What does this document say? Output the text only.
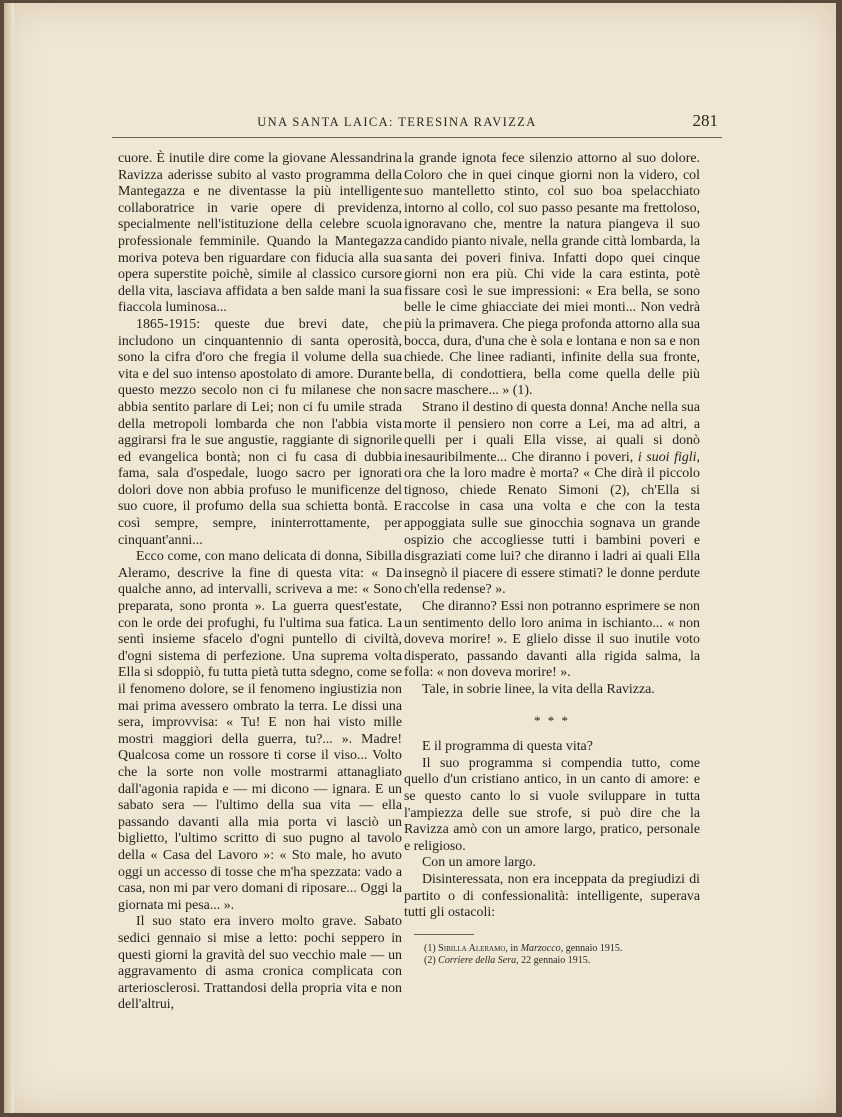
UNA SANTA LAICA: TERESINA RAVIZZA	281

cuore. È inutile dire come la giovane Alessandrina Ravizza aderisse subito al vasto programma della Mantegazza e ne diventasse la più intelligente collaboratrice in varie opere di previdenza, specialmente nell'istituzione della celebre scuola professionale femminile. Quando la Mantegazza moriva poteva ben riguardare con fiducia alla sua opera superstite poichè, simile al classico cursore della vita, lasciava affidata a ben salde mani la sua fiaccola luminosa...

1865-1915: queste due brevi date, che includono un cinquantennio di santa operosità, sono la cifra d'oro che fregia il volume della sua vita e del suo intenso apostolato di amore. Durante questo mezzo secolo non ci fu milanese che non abbia sentito parlare di Lei; non ci fu umile strada della metropoli lombarda che non l'abbia vista aggirarsi fra le sue angustie, raggiante di signorile ed evangelica bontà; non ci fu casa di dubbia fama, sala d'ospedale, luogo sacro per ignorati dolori dove non abbia profuso le munificenze del suo cuore, il profumo della sua schietta bontà. E così sempre, sempre, ininterrottamente, per cinquant'anni...

Ecco come, con mano delicata di donna, Sibilla Aleramo, descrive la fine di questa vita: « Da qualche anno, ad intervalli, scriveva a me: « Sono preparata, sono pronta ». La guerra quest'estate, con le orde dei profughi, fu l'ultima sua fatica. La sentì insieme sfacelo d'ogni puntello di civiltà, d'ogni sistema di perfezione. Una suprema volta Ella si sdoppiò, fu tutta pietà tutta sdegno, come se il fenomeno dolore, se il fenomeno ingiustizia non mai prima avessero ombrato la terra. Le dissi una sera, improvvisa: « Tu! E non hai visto mille mostri maggiori della guerra, tu?... ». Madre! Qualcosa come un rossore ti corse il viso... Volto che la sorte non volle mostrarmi attanagliato dall'agonia rapida e — mi dicono — ignara. E un sabato sera — l'ultimo della sua vita — ella passando davanti alla mia porta vi lasciò un biglietto, l'ultimo scritto di suo pugno al tavolo della « Casa del Lavoro »: « Sto male, ho avuto oggi un accesso di tosse che m'ha spezzata: vado a casa, non mi par vero domani di riposare... Oggi la giornata mi pesa... ».

Il suo stato era invero molto grave. Sabato sedici gennaio si mise a letto: pochi seppero in questi giorni la gravità del suo vecchio male — un aggravamento di asma cronica complicata con arteriosclerosi. Trattandosi della propria vita e non dell'altrui,

la grande ignota fece silenzio attorno al suo dolore. Coloro che in quei cinque giorni non la videro, col suo mantelletto stinto, col suo boa spelacchiato intorno al collo, col suo passo pesante ma frettoloso, ignoravano che, mentre la natura piangeva il suo candido pianto nivale, nella grande città lombarda, la santa dei poveri finiva. Infatti dopo quei cinque giorni non era più. Chi vide la cara estinta, potè fissare così le sue impressioni: « Era bella, se sono belle le cime ghiacciate dei miei monti... Non vedrà più la primavera. Che piega profonda attorno alla sua bocca, dura, d'una che è sola e lontana e non sa e non chiede. Che linee radianti, infinite della sua fronte, bella, di condottiera, bella come quella delle più sacre maschere... » (1).

Strano il destino di questa donna! Anche nella sua morte il pensiero non corre a Lei, ma ad altri, a quelli per i quali Ella visse, ai quali si donò inesauribilmente... Che diranno i poveri, i suoi figli, ora che la loro madre è morta? « Che dirà il piccolo tignoso, chiede Renato Simoni (2), ch'Ella si raccolse in casa una volta e che con la testa appoggiata sulle sue ginocchia sognava un grande ospizio che accogliesse tutti i bambini poveri e disgraziati come lui? che diranno i ladri ai quali Ella insegnò il piacere di essere stimati? le donne perdute ch'ella redense? ».

Che diranno? Essi non potranno esprimere se non un sentimento dello loro anima in ischianto... « non doveva morire! ». E glielo disse il suo inutile voto disperato, passando davanti alla rigida salma, la folla: « non doveva morire! ».

Tale, in sobrie linee, la vita della Ravizza.

* * *

E il programma di questa vita?

Il suo programma si compendia tutto, come quello d'un cristiano antico, in un canto di amore: e se questo canto lo si vuole sviluppare in tutta l'ampiezza delle sue strofe, si può dire che la Ravizza amò con un amore largo, pratico, personale e religioso.

Con un amore largo.

Disinteressata, non era inceppata da pregiudizi di partito o di confessionalità: intelligente, superava tutti gli ostacoli:

(1) Sibilla Aleramo, in Marzocco, gennaio 1915.
(2) Corriere della Sera, 22 gennaio 1915.
